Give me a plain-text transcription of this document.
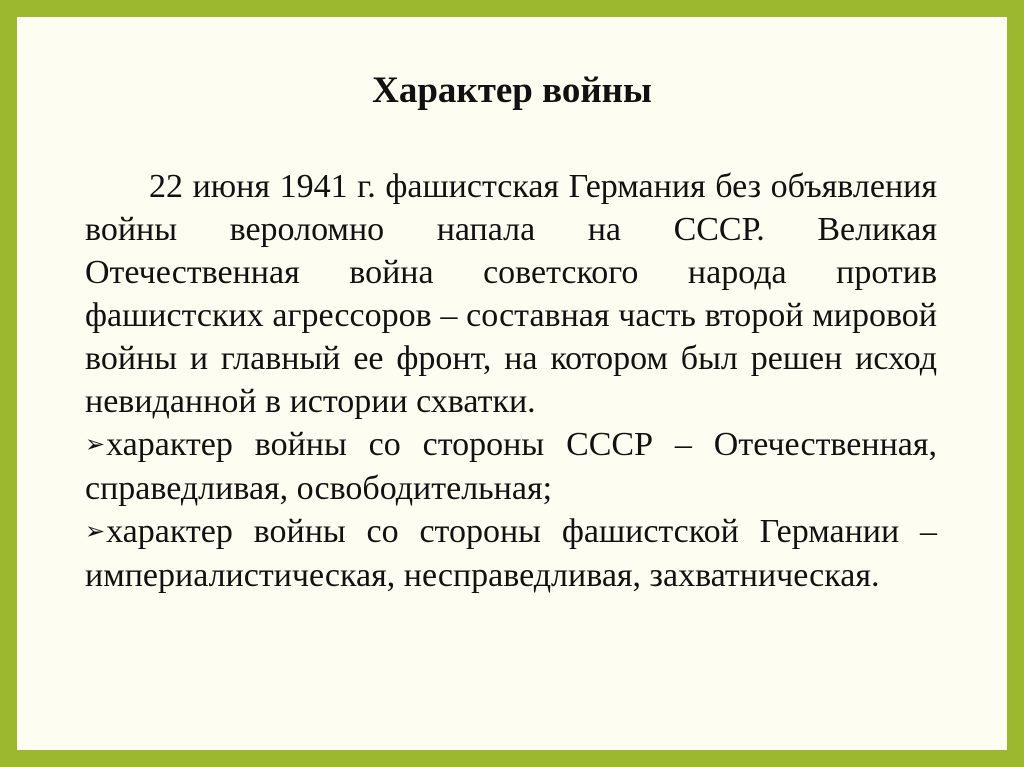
Характер войны

22 июня 1941 г. фашистская Германия без объявления войны вероломно напала на СССР. Великая Отечественная война советского народа против фашистских агрессоров – составная часть второй мировой войны и главный ее фронт, на котором был решен исход невиданной в истории схватки.

➢характер войны со стороны СССР – Отечественная, справедливая, освободительная;

➢характер войны со стороны фашистской Германии – империалистическая, несправедливая, захватническая.
